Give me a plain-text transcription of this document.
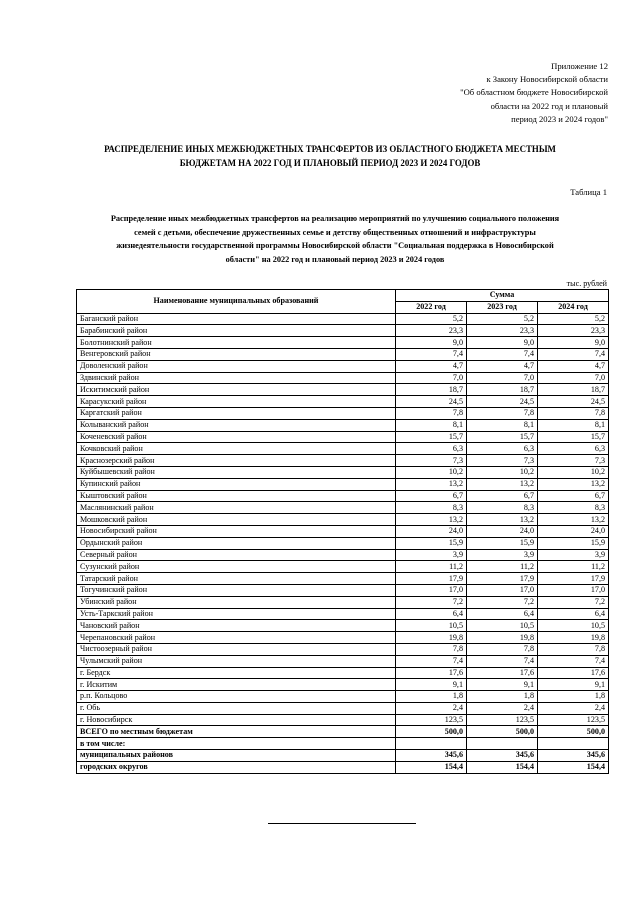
Приложение 12
к Закону Новосибирской области
"Об областном бюджете Новосибирской
области на 2022 год и плановый
период 2023 и 2024 годов"
РАСПРЕДЕЛЕНИЕ ИНЫХ МЕЖБЮДЖЕТНЫХ ТРАНСФЕРТОВ ИЗ ОБЛАСТНОГО БЮДЖЕТА МЕСТНЫМ
БЮДЖЕТАМ НА 2022 ГОД И ПЛАНОВЫЙ ПЕРИОД 2023 И 2024 ГОДОВ
Таблица 1
Распределение иных межбюджетных трансфертов на реализацию мероприятий по улучшению социального положения
семей с детьми, обеспечение дружественных семье и детству общественных отношений и инфраструктуры
жизнедеятельности государственной программы Новосибирской области "Социальная поддержка в Новосибирской
области" на 2022 год и плановый период 2023 и 2024 годов
тыс. рублей
Наименование муниципальных образований	Сумма		
	2022 год	2023 год	2024 год
Баганский район	5,2	5,2	5,2
Барабинский район	23,3	23,3	23,3
Болотнинский район	9,0	9,0	9,0
Венгеровский район	7,4	7,4	7,4
Доволенский район	4,7	4,7	4,7
Здвинский район	7,0	7,0	7,0
Искитимский район	18,7	18,7	18,7
Карасукский район	24,5	24,5	24,5
Каргатский район	7,8	7,8	7,8
Колыванский район	8,1	8,1	8,1
Коченевский район	15,7	15,7	15,7
Кочковский район	6,3	6,3	6,3
Краснозерский район	7,3	7,3	7,3
Куйбышевский район	10,2	10,2	10,2
Купинский район	13,2	13,2	13,2
Кыштовский район	6,7	6,7	6,7
Маслянинский район	8,3	8,3	8,3
Мошковский район	13,2	13,2	13,2
Новосибирский район	24,0	24,0	24,0
Ордынский район	15,9	15,9	15,9
Северный район	3,9	3,9	3,9
Сузунский район	11,2	11,2	11,2
Татарский район	17,9	17,9	17,9
Тогучинский район	17,0	17,0	17,0
Убинский район	7,2	7,2	7,2
Усть-Таркский район	6,4	6,4	6,4
Чановский район	10,5	10,5	10,5
Черепановский район	19,8	19,8	19,8
Чистоозерный район	7,8	7,8	7,8
Чулымский район	7,4	7,4	7,4
г. Бердск	17,6	17,6	17,6
г. Искитим	9,1	9,1	9,1
р.п. Кольцово	1,8	1,8	1,8
г. Обь	2,4	2,4	2,4
г. Новосибирск	123,5	123,5	123,5
ВСЕГО по местным бюджетам	500,0	500,0	500,0
в том числе:			
муниципальных районов	345,6	345,6	345,6
городских округов	154,4	154,4	154,4
